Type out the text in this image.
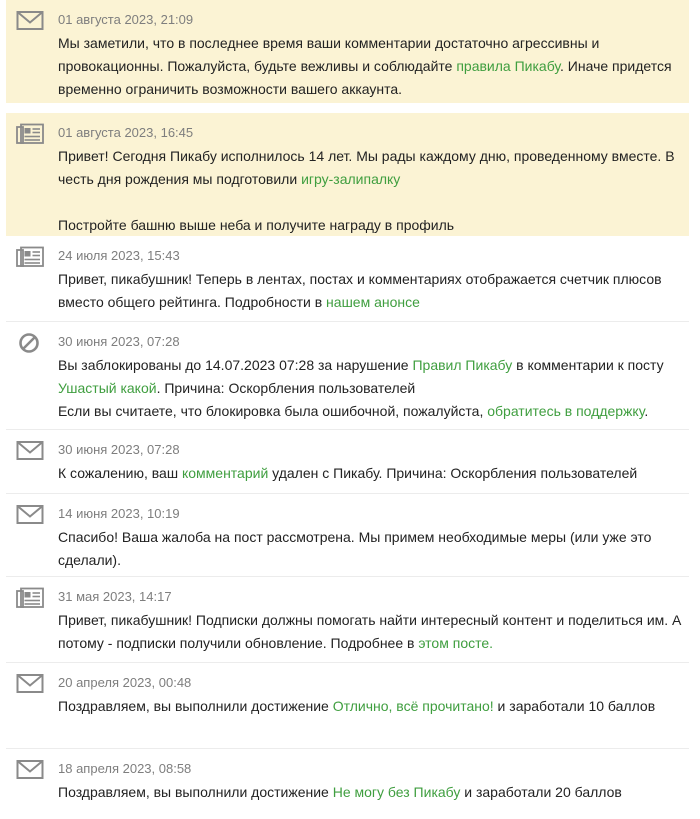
01 августа 2023, 21:09
Мы заметили, что в последнее время ваши комментарии достаточно агрессивны и провокационны. Пожалуйста, будьте вежливы и соблюдайте правила Пикабу. Иначе придется временно ограничить возможности вашего аккаунта.
01 августа 2023, 16:45

Привет! Сегодня Пикабу исполнилось 14 лет. Мы рады каждому дню, проведенному вместе. В честь дня рождения мы подготовили игру-залипалку

Постройте башню выше неба и получите награду в профиль

24 июля 2023, 15:43
Привет, пикабушник! Теперь в лентах, постах и комментариях отображается счетчик плюсов вместо общего рейтинга. Подробности в нашем анонсе
30 июня 2023, 07:28

Вы заблокированы до 14.07.2023 07:28 за нарушение Правил Пикабу в комментарии к посту Ушастый какой. Причина: Оскорбления пользователей

Если вы считаете, что блокировка была ошибочной, пожалуйста, обратитесь в поддержку.

30 июня 2023, 07:28
К сожалению, ваш комментарий удален с Пикабу. Причина: Оскорбления пользователей
14 июня 2023, 10:19
Спасибо! Ваша жалоба на пост рассмотрена. Мы примем необходимые меры (или уже это сделали).
31 мая 2023, 14:17
Привет, пикабушник! Подписки должны помогать найти интересный контент и поделиться им. А потому - подписки получили обновление. Подробнее в этом посте.
20 апреля 2023, 00:48
Поздравляем, вы выполнили достижение Отлично, всё прочитано! и заработали 10 баллов
18 апреля 2023, 08:58
Поздравляем, вы выполнили достижение Не могу без Пикабу и заработали 20 баллов
